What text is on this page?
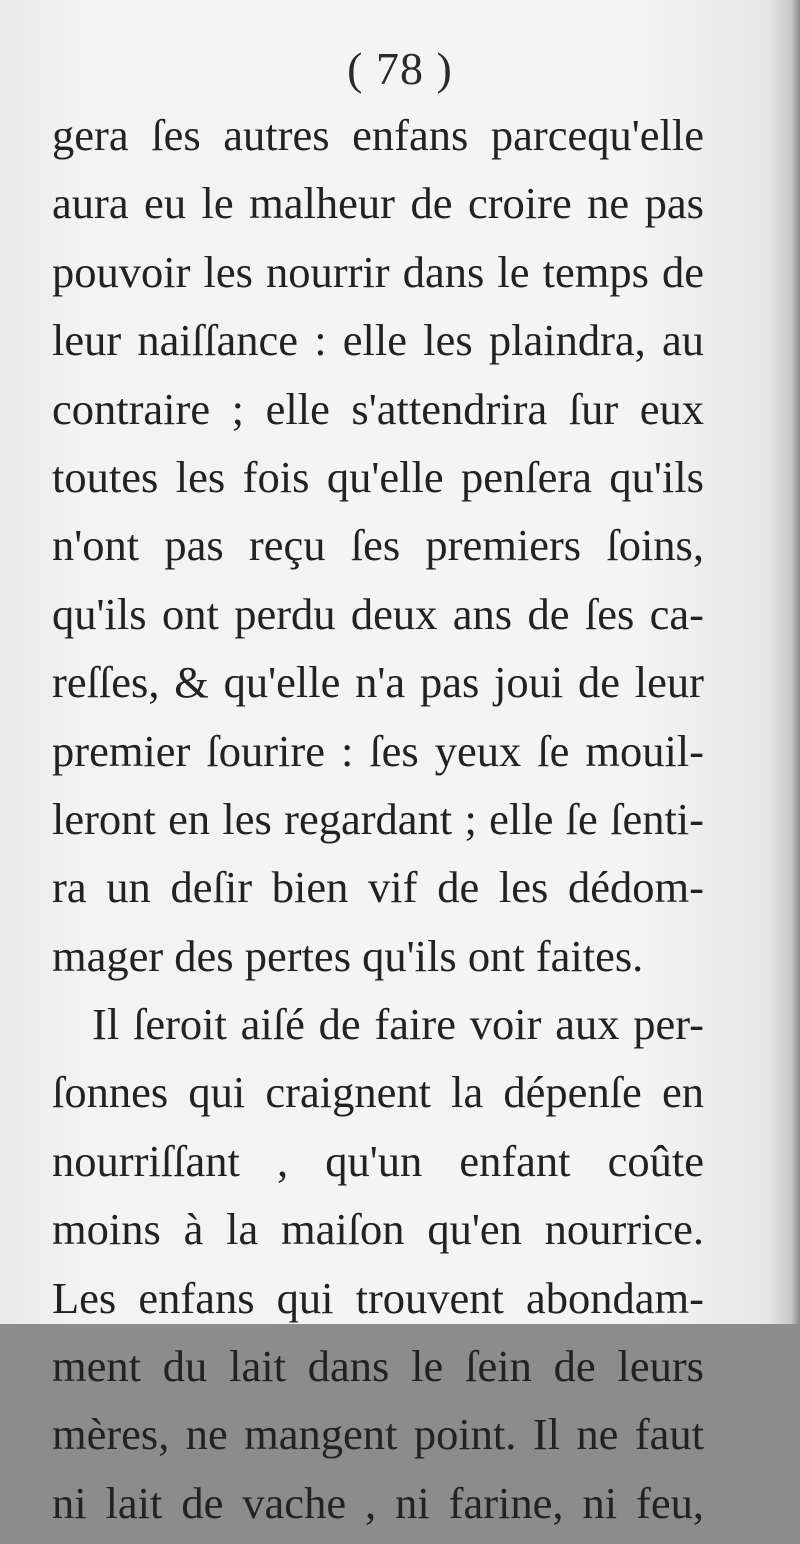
( 78 )
gera ſes autres enfans parcequ'elle
aura eu le malheur de croire ne pas
pouvoir les nourrir dans le temps de
leur naiſſance : elle les plaindra, au
contraire ; elle s'attendrira ſur eux
toutes les fois qu'elle penſera qu'ils
n'ont pas reçu ſes premiers ſoins,
qu'ils ont perdu deux ans de ſes ca-
reſſes, & qu'elle n'a pas joui de leur
premier ſourire : ſes yeux ſe mouil-
leront en les regardant ; elle ſe ſenti-
ra un deſir bien vif de les dédom-
mager des pertes qu'ils ont faites.
Il ſeroit aiſé de faire voir aux per-
ſonnes qui craignent la dépenſe en
nourriſſant , qu'un enfant coûte
moins à la maiſon qu'en nourrice.
Les enfans qui trouvent abondam-
ment du lait dans le ſein de leurs
mères, ne mangent point. Il ne faut
ni lait de vache , ni farine, ni feu,
